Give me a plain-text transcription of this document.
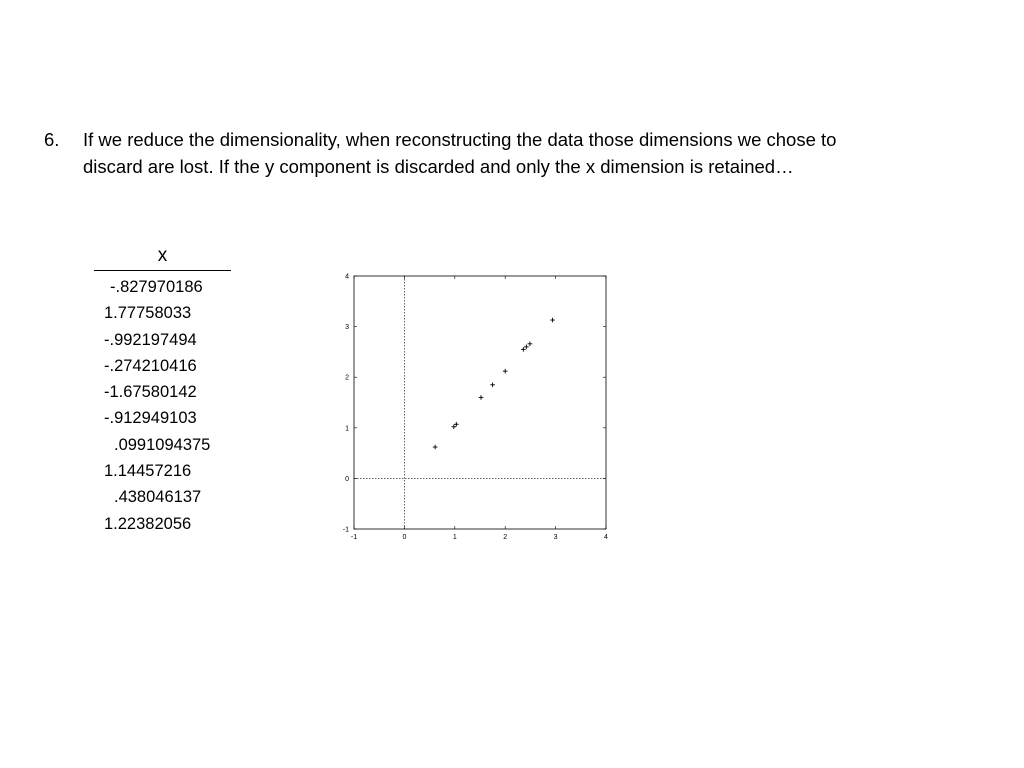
6. If we reduce the dimensionality, when reconstructing the data those dimensions we chose to
discard are lost. If the y component is discarded and only the x dimension is retained…
x
-.827970186
1.77758033
-.992197494
-.274210416
-1.67580142
-.912949103
.0991094375
1.14457216
.438046137
1.22382056
-1	0	1	2	3	4
-1
0
1
2
3
4
